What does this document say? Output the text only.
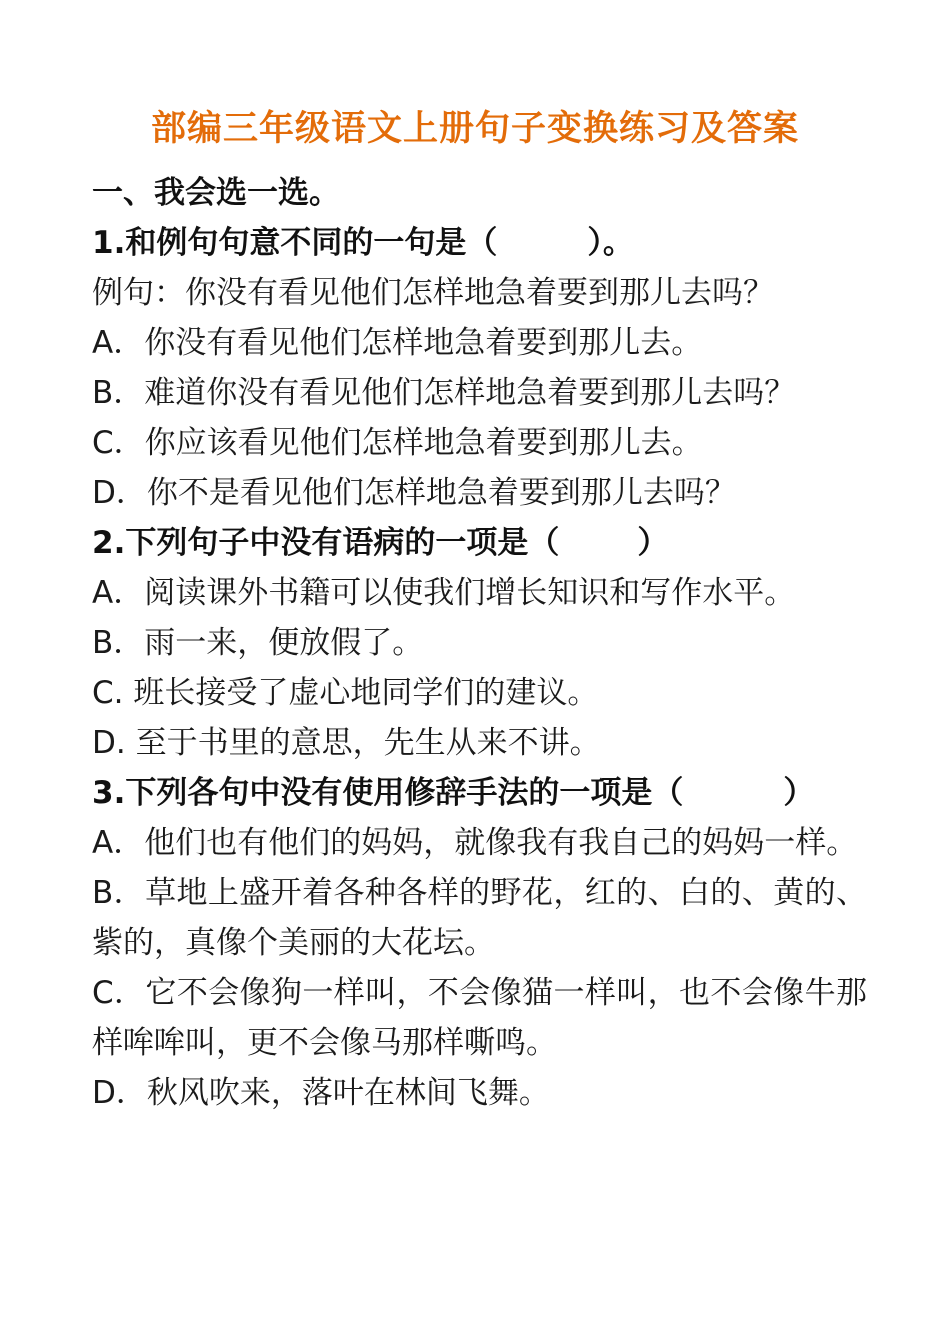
部编三年级语文上册句子变换练习及答案

一、我会选一选。

1.和例句句意不同的一句是（	）。

例句：你没有看见他们怎样地急着要到那儿去吗？

A．你没有看见他们怎样地急着要到那儿去。

B．难道你没有看见他们怎样地急着要到那儿去吗？

C．你应该看见他们怎样地急着要到那儿去。

D．你不是看见他们怎样地急着要到那儿去吗？

2.下列句子中没有语病的一项是（	）

A．阅读课外书籍可以使我们增长知识和写作水平。

B．雨一来，便放假了。

C. 班长接受了虚心地同学们的建议。

D. 至于书里的意思，先生从来不讲。

3.下列各句中没有使用修辞手法的一项是（	）

A．他们也有他们的妈妈，就像我有我自己的妈妈一样。

B．草地上盛开着各种各样的野花，红的、白的、黄的、紫的，真像个美丽的大花坛。

C．它不会像狗一样叫，不会像猫一样叫，也不会像牛那样哞哞叫，更不会像马那样嘶鸣。

D．秋风吹来，落叶在林间飞舞。
